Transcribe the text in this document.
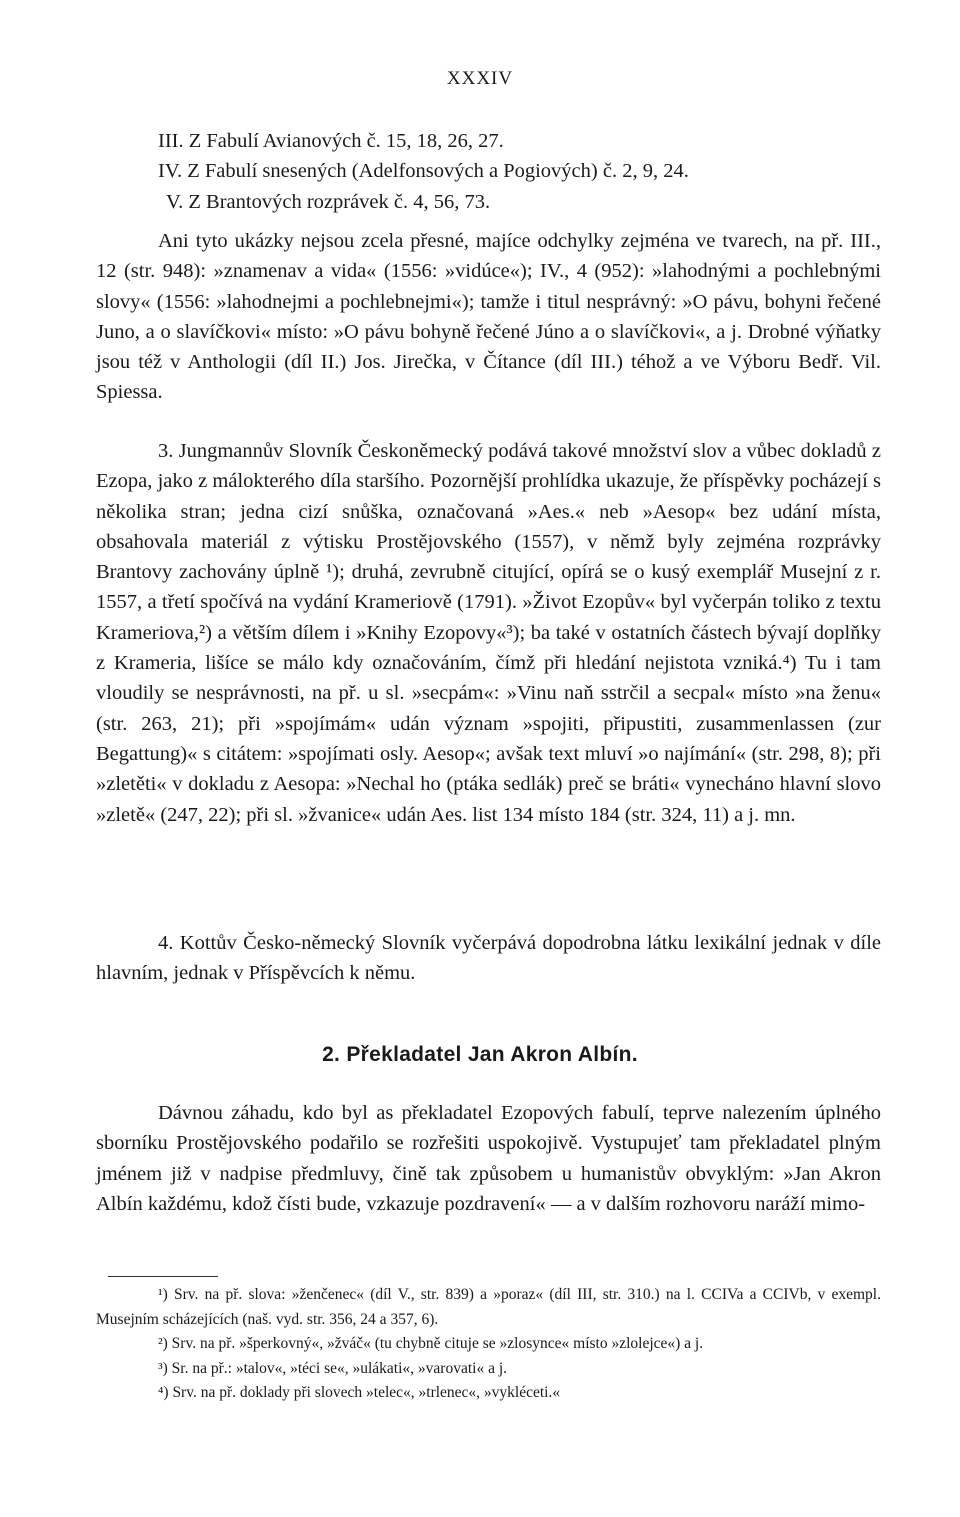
XXXIV
III. Z Fabulí Avianových č. 15, 18, 26, 27.
IV. Z Fabulí snesených (Adelfonsových a Pogiových) č. 2, 9, 24.
V. Z Brantových rozprávek č. 4, 56, 73.

Ani tyto ukázky nejsou zcela přesné, majíce odchylky zejména ve tvarech, na př. III., 12 (str. 948): »znamenav a vida« (1556: »vidúce«); IV., 4 (952): »lahodnými a pochlebnými slovy« (1556: »lahodnejmi a pochlebnejmi«); tamže i titul nesprávný: »O pávu, bohyni řečené Juno, a o slavíčkovi« místo: »O pávu bohyně řečené Júno a o slavíčkovi«, a j. Drobné výňatky jsou též v Anthologii (díl II.) Jos. Jirečka, v Čítance (díl III.) téhož a ve Výboru Bedř. Vil. Spiessa.

3. Jungmannův Slovník Českoněmecký podává takové množství slov a vůbec dokladů z Ezopa, jako z málokterého díla staršího. Pozornější prohlídka ukazuje, že příspěvky pocházejí s několika stran; jedna cizí snůška, označovaná »Aes.« neb »Aesop« bez udání místa, obsahovala materiál z výtisku Prostějovského (1557), v němž byly zejména rozprávky Brantovy zachovány úplně ¹); druhá, zevrubně citující, opírá se o kusý exemplář Musejní z r. 1557, a třetí spočívá na vydání Krameriově (1791). »Život Ezopův« byl vyčerpán toliko z textu Krameriova,²) a větším dílem i »Knihy Ezopovy«³); ba také v ostatních částech bývají doplňky z Krameria, lišíce se málo kdy označováním, čímž při hledání nejistota vzniká.⁴) Tu i tam vloudily se nesprávnosti, na př. u sl. »secpám«: »Vinu naň sstrčil a secpal« místo »na ženu« (str. 263, 21); při »spojímám« udán význam »spojiti, připustiti, zusammenlassen (zur Begattung)« s citátem: »spojímati osly. Aesop«; avšak text mluví »o najímání« (str. 298, 8); při »zletěti« v dokladu z Aesopa: »Nechal ho (ptáka sedlák) preč se bráti« vynecháno hlavní slovo »zletě« (247, 22); při sl. »žvanice« udán Aes. list 134 místo 184 (str. 324, 11) a j. mn.

4. Kottův Česko-německý Slovník vyčerpává dopodrobna látku lexikální jednak v díle hlavním, jednak v Příspěvcích k němu.

2. Překladatel Jan Akron Albín.

Dávnou záhadu, kdo byl as překladatel Ezopových fabulí, teprve nalezením úplného sborníku Prostějovského podařilo se rozřešiti uspokojivě. Vystupujeť tam překladatel plným jménem již v nadpise předmluvy, čině tak způsobem u humanistův obvyklým: »Jan Akron Albín každému, kdož čísti bude, vzkazuje pozdravení« — a v dalším rozhovoru naráží mimo-

¹) Srv. na př. slova: »ženčenec« (díl V., str. 839) a »poraz« (díl III, str. 310.) na l. CCIVa a CCIVb, v exempl. Musejním scházejících (naš. vyd. str. 356, 24 a 357, 6).

²) Srv. na př. »šperkovný«, »žváč« (tu chybně cituje se »zlosynce« místo »zlolejce«) a j.

³) Sr. na př.: »talov«, »téci se«, »ulákati«, »varovati« a j.

⁴) Srv. na př. doklady při slovech »telec«, »trlenec«, »vykléceti.«
